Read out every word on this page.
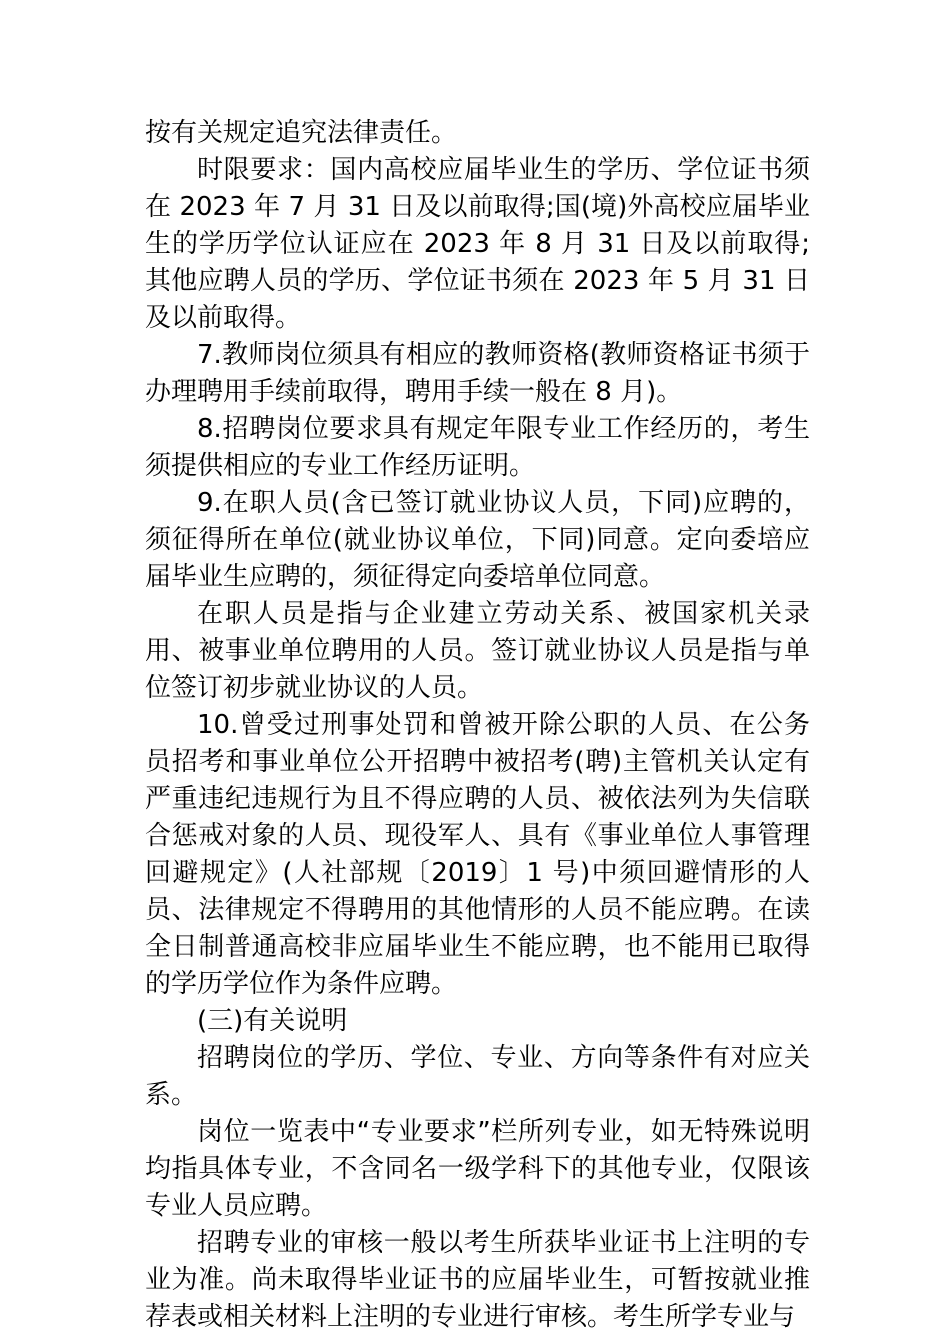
按有关规定追究法律责任。

时限要求：国内高校应届毕业生的学历、学位证书须在 2023 年 7 月 31 日及以前取得;国(境)外高校应届毕业生的学历学位认证应在 2023 年 8 月 31 日及以前取得;其他应聘人员的学历、学位证书须在 2023 年 5 月 31 日及以前取得。

7.教师岗位须具有相应的教师资格(教师资格证书须于办理聘用手续前取得，聘用手续一般在 8 月)。

8.招聘岗位要求具有规定年限专业工作经历的，考生须提供相应的专业工作经历证明。

9.在职人员(含已签订就业协议人员，下同)应聘的，须征得所在单位(就业协议单位，下同)同意。定向委培应届毕业生应聘的，须征得定向委培单位同意。

在职人员是指与企业建立劳动关系、被国家机关录用、被事业单位聘用的人员。签订就业协议人员是指与单位签订初步就业协议的人员。

10.曾受过刑事处罚和曾被开除公职的人员、在公务员招考和事业单位公开招聘中被招考(聘)主管机关认定有严重违纪违规行为且不得应聘的人员、被依法列为失信联合惩戒对象的人员、现役军人、具有《事业单位人事管理回避规定》(人社部规〔2019〕1 号)中须回避情形的人员、法律规定不得聘用的其他情形的人员不能应聘。在读全日制普通高校非应届毕业生不能应聘，也不能用已取得的学历学位作为条件应聘。

(三)有关说明

招聘岗位的学历、学位、专业、方向等条件有对应关系。

岗位一览表中“专业要求”栏所列专业，如无特殊说明均指具体专业，不含同名一级学科下的其他专业，仅限该专业人员应聘。

招聘专业的审核一般以考生所获毕业证书上注明的专业为准。尚未取得毕业证书的应届毕业生，可暂按就业推荐表或相关材料上注明的专业进行审核。考生所学专业与
